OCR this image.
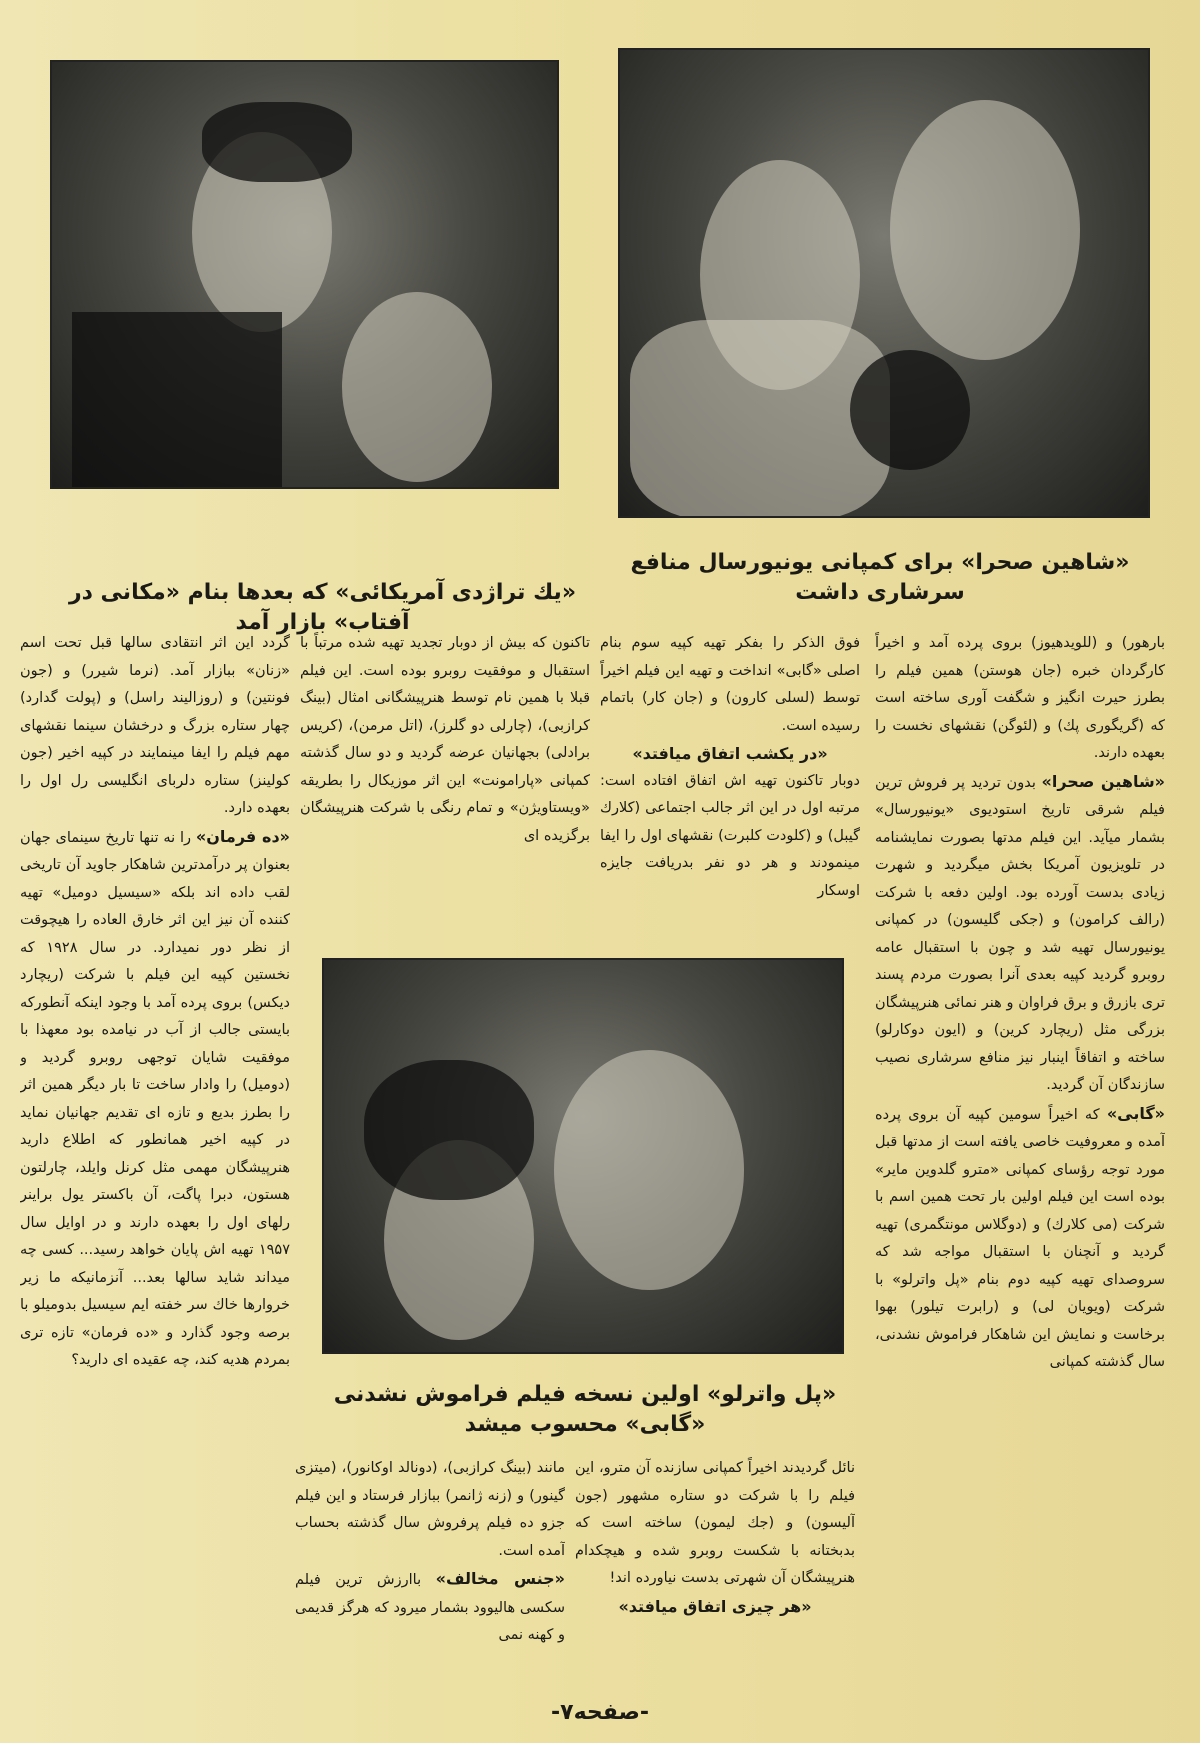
«شاهین صحرا» برای کمپانی یونیورسال منافع سرشاری داشت
«یك تراژدی آمریكائی» كه بعدها بنام «مكانی در آفتاب» بازار آمد

بارهور) و (للویدهیوز) بروی پرده آمد و اخیراً كارگردان خبره (جان هوستن) همین فیلم را بطرز حیرت انگیز و شگفت آوری ساخته است كه (گریگوری پك) و (لئوگن) نقشهای نخست را بعهده دارند.

«شاهین صحرا» بدون تردید پر فروش ترین فیلم شرقی تاریخ استودیوی «یونیورسال» بشمار میآید. این فیلم مدتها بصورت نمایشنامه در تلویزیون آمریكا بخش میگردید و شهرت زیادی بدست آورده بود. اولین دفعه با شركت (رالف كرامون) و (جكی گلیسون) در كمپانی یونیورسال تهیه شد و چون با استقبال عامه روبرو گردید كپیه بعدی آنرا بصورت مردم پسند تری بازرق و برق فراوان و هنر نمائی هنرپیشگان بزرگی مثل (ریچارد كرین) و (ایون دوكارلو) ساخته و اتفاقاً اینبار نیز منافع سرشاری نصیب سازندگان آن گردید.

«گابی» كه اخیراً سومین كپیه آن بروی پرده آمده و معروفیت خاصی یافته است از مدتها قبل مورد توجه رؤسای كمپانی «مترو گلدوین مایر» بوده است این فیلم اولین بار تحت همین اسم با شركت (می كلارك) و (دوگلاس مونتگمری) تهیه گردید و آنچنان با استقبال مواجه شد كه سروصدای تهیه كپیه دوم بنام «پل واترلو» با شركت (ویویان لی) و (رابرت تیلور) بهوا برخاست و نمایش این شاهكار فراموش نشدنی، سال گذشته كمپانی

فوق الذكر را بفكر تهیه كپیه سوم بنام اصلی «گابی» انداخت و تهیه این فیلم اخیراً توسط (لسلی كارون) و (جان كار) باتمام رسیده است.

«در یكشب اتفاق میافتد»

دوبار تاكنون تهیه اش اتفاق افتاده است: مرتبه اول در این اثر جالب اجتماعی (كلارك گیبل) و (كلودت كلبرت) نقشهای اول را ایفا مینمودند و هر دو نفر بدریافت جایزه اوسكار

تاكنون كه بیش از دوبار تجدید تهیه شده مرتباً با استقبال و موفقیت روبرو بوده است. این فیلم قبلا با همین نام توسط هنرپیشگانی امثال (بینگ كرازبی)، (چارلی دو گلرز)، (اتل مرمن)، (كریس برادلی) بجهانیان عرضه گردید و دو سال گذشته كمپانی «پارامونت» این اثر موزیكال را بطریقه «ویستاویژن» و تمام رنگی با شركت هنرپیشگان برگزیده ای

گردد این اثر انتقادی سالها قبل تحت اسم «زنان» ببازار آمد. (نرما شیرر) و (جون فونتین) و (روزالیند راسل) و (پولت گدارد) چهار ستاره بزرگ و درخشان سینما نقشهای مهم فیلم را ایفا مینمایند در كپیه اخیر (جون كولینز) ستاره دلربای انگلیسی رل اول را بعهده دارد.

«ده فرمان» را نه تنها تاریخ سینمای جهان بعنوان پر درآمدترین شاهكار جاوید آن تاریخی لقب داده اند بلكه «سیسیل دومیل» تهیه كننده آن نیز این اثر خارق العاده را هیچوقت از نظر دور نمیدارد. در سال ۱۹۲۸ كه نخستین كپیه این فیلم با شركت (ریچارد دیكس) بروی پرده آمد با وجود اینكه آنطوركه بایستی جالب از آب در نیامده بود معهذا با موفقیت شایان توجهی روبرو گردید و (دومیل) را وادار ساخت تا بار دیگر همین اثر را بطرز بدیع و تازه ای تقدیم جهانیان نماید در كپیه اخیر همانطور كه اطلاع دارید هنرپیشگان مهمی مثل كرنل وایلد، چارلتون هستون، دبرا پاگت، آن باكستر یول براینر رلهای اول را بعهده دارند و در اوایل سال ۱۹۵۷ تهیه اش پایان خواهد رسید... كسی چه میداند شاید سالها بعد... آنزمانیكه ما زیر خروارها خاك سر خفته ایم سیسیل بدومیلو با برصه وجود گذارد و «ده فرمان» تازه تری بمردم هدیه كند، چه عقیده ای دارید؟

«پل واترلو» اولین نسخه فیلم فراموش نشدنی «گابی» محسوب میشد

نائل گردیدند اخیراً كمپانی سازنده آن مترو، این فیلم را با شركت دو ستاره مشهور (جون آلیسون) و (جك لیمون) ساخته است كه بدبختانه با شكست روبرو شده و هیچكدام هنرپیشگان آن شهرتی بدست نیاورده اند!

«هر چیزی اتفاق میافتد»

مانند (بینگ كرازبی)، (دونالد اوكانور)، (میتزی گینور) و (زنه ژانمر) ببازار فرستاد و این فیلم جزو ده فیلم پرفروش سال گذشته بحساب آمده است.

«جنس مخالف» باارزش ترین فیلم سكسی هالیوود بشمار میرود كه هرگز قدیمی و كهنه نمی

-صفحه۷-
